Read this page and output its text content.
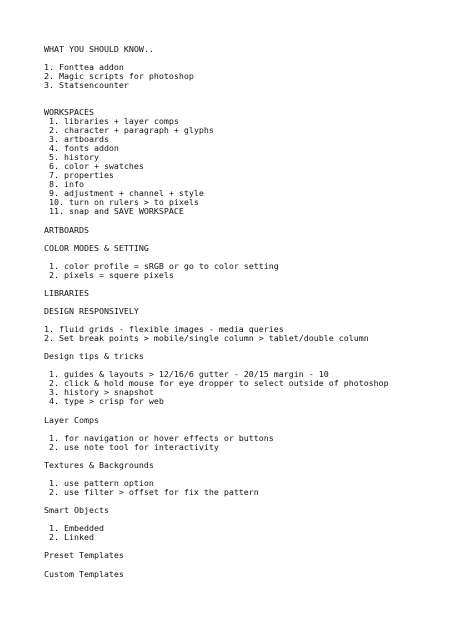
WHAT YOU SHOULD KNOW..

1. Fonttea addon

2. Magic scripts for photoshop

3. Statsencounter

WORKSPACES

1. libraries + layer comps

2. character + paragraph + glyphs

3. artboards

4. fonts addon

5. history

6. color + swatches

7. properties

8. info

9. adjustment + channel + style

10. turn on rulers > to pixels

11. snap and SAVE WORKSPACE

ARTBOARDS

COLOR MODES & SETTING

1. color profile = sRGB or go to color setting

2. pixels = squere pixels

LIBRARIES

DESIGN RESPONSIVELY

1. fluid grids - flexible images - media queries

2. Set break points > mobile/single column > tablet/double column

Design tips & tricks

1. guides & layouts > 12/16/6 gutter - 20/15 margin - 10

2. click & hold mouse for eye dropper to select outside of photoshop

3. history > snapshot

4. type > crisp for web

Layer Comps

1. for navigation or hover effects or buttons

2. use note tool for interactivity

Textures & Backgrounds

1. use pattern option

2. use filter > offset for fix the pattern

Smart Objects

1. Embedded

2. Linked

Preset Templates

Custom Templates
